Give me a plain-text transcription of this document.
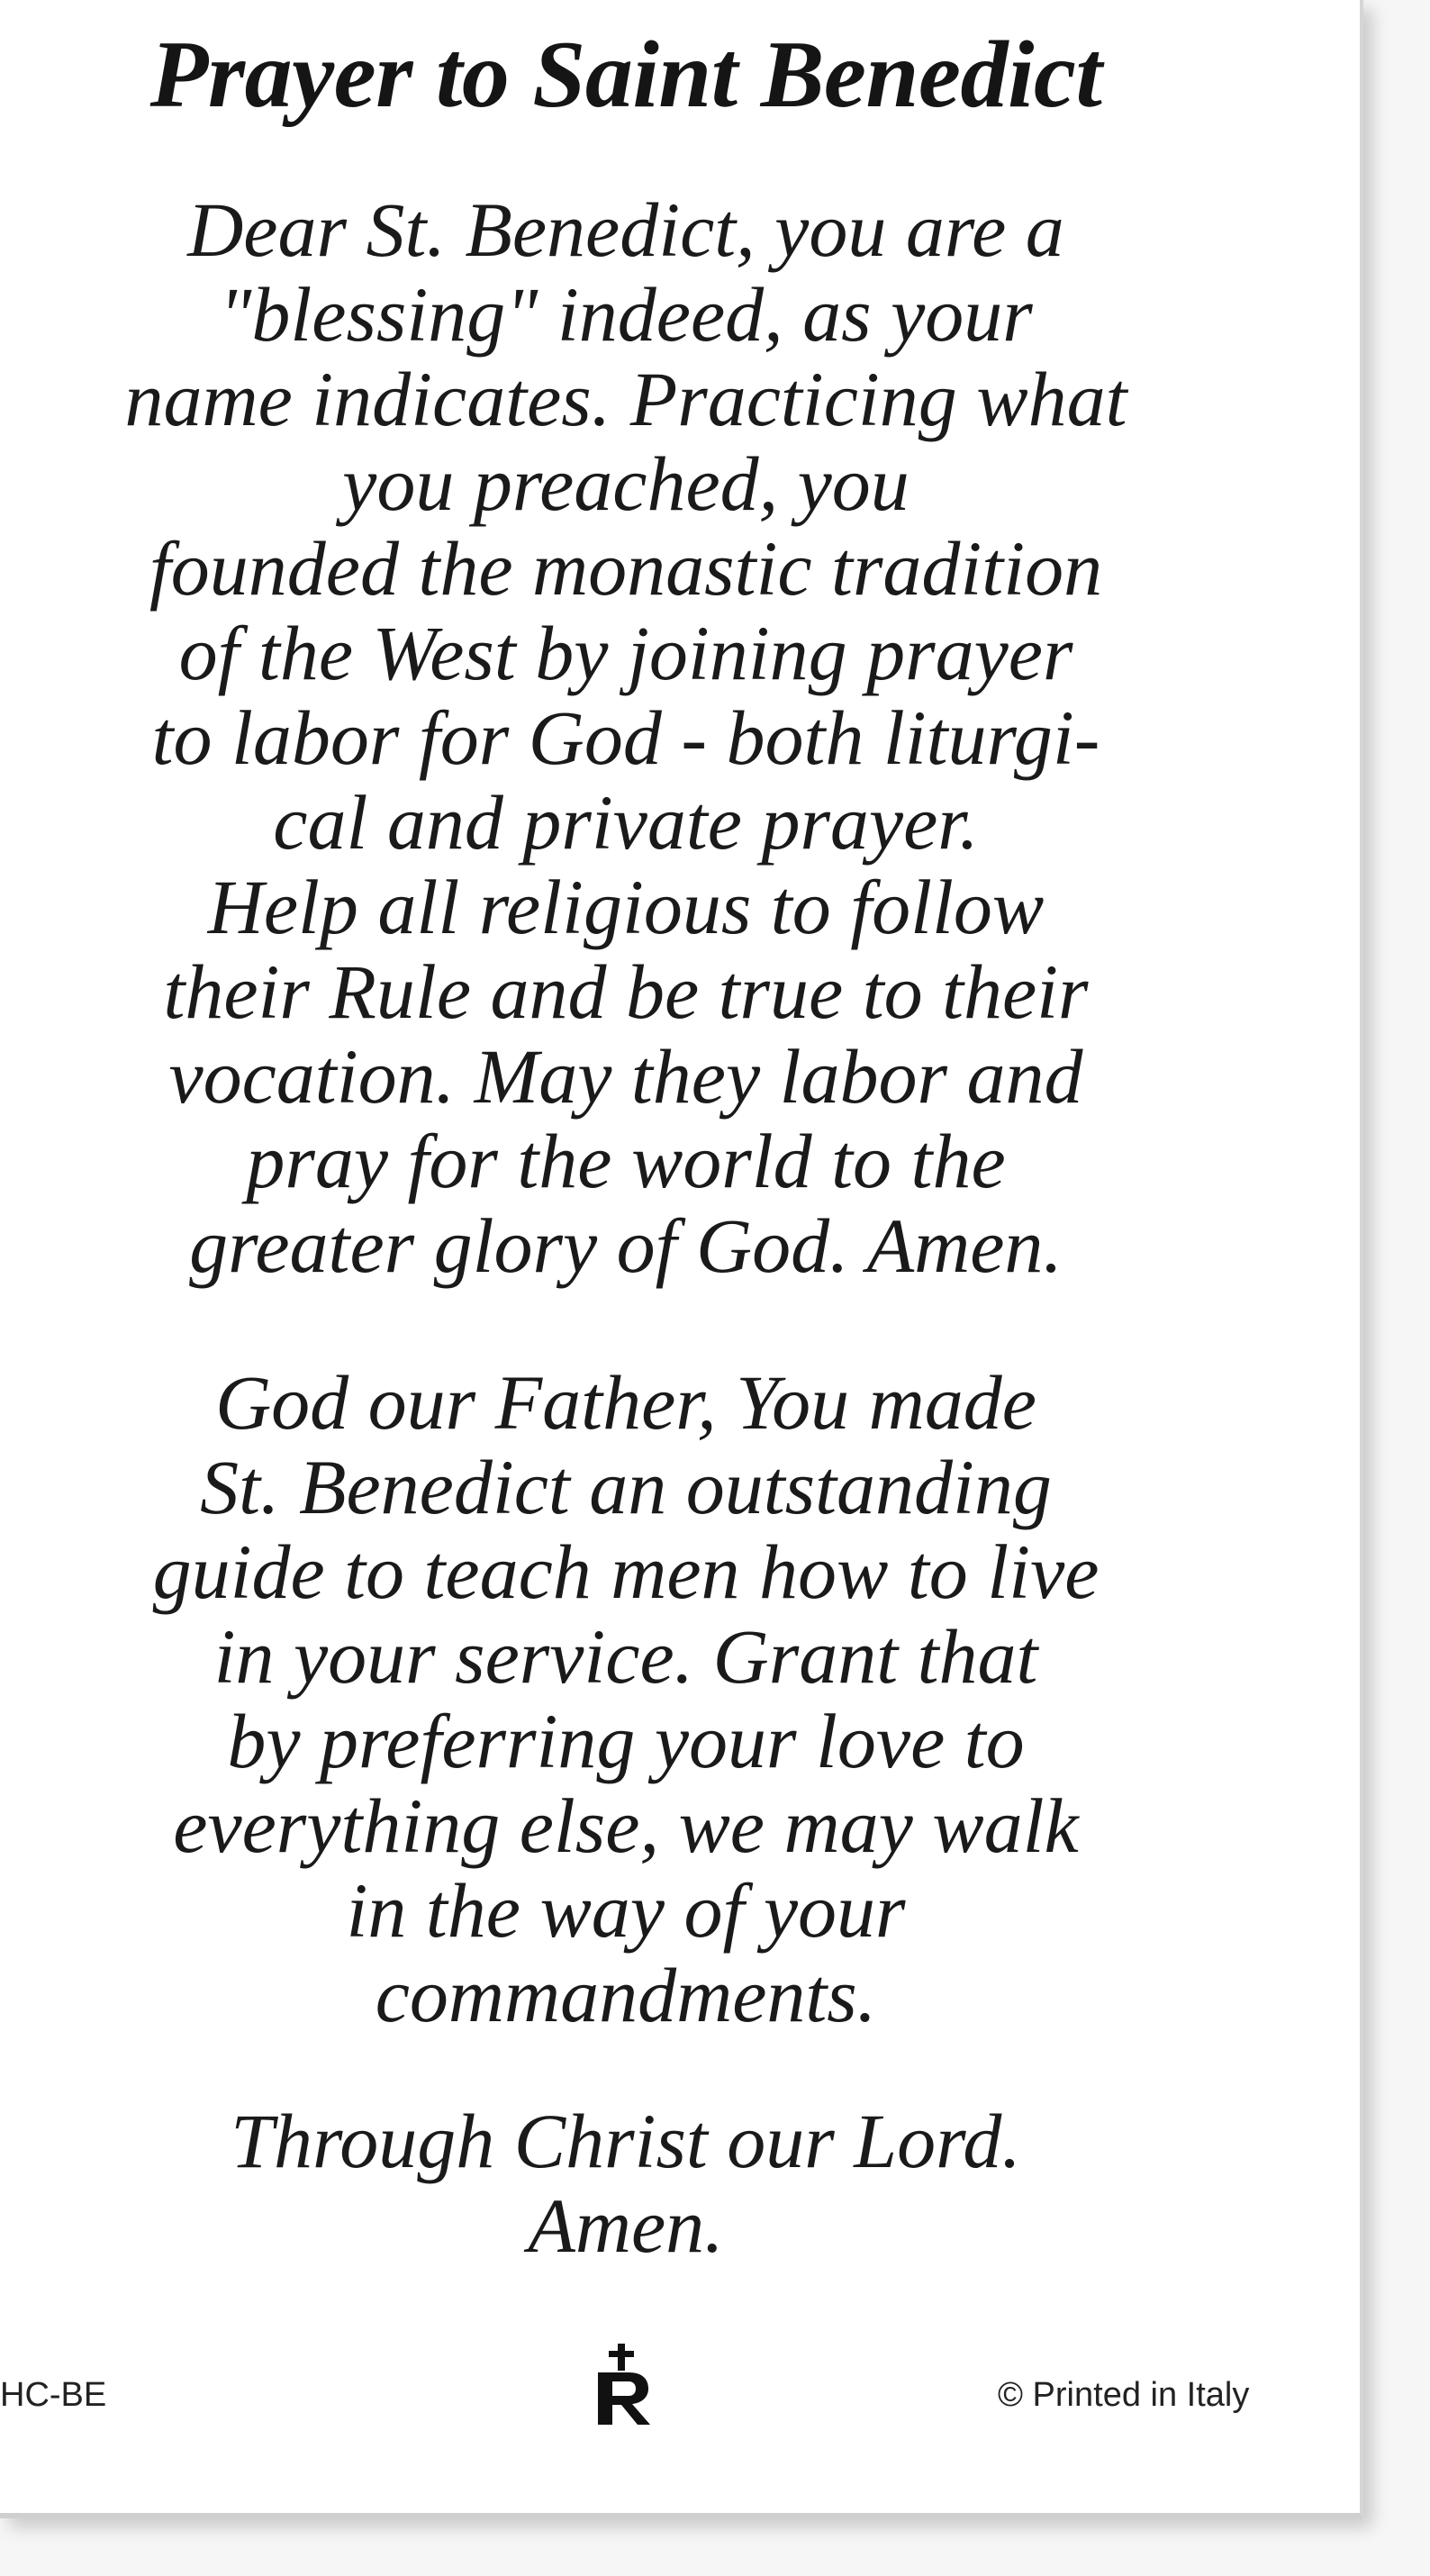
Prayer to Saint Benedict
Dear St. Benedict, you are a
"blessing" indeed, as your
name indicates. Practicing what
you preached, you
founded the monastic tradition
of the West by joining prayer
to labor for God - both liturgi-
cal and private prayer.
Help all religious to follow
their Rule and be true to their
vocation. May they labor and
pray for the world to the
greater glory of God. Amen.
God our Father, You made
St. Benedict an outstanding
guide to teach men how to live
in your service. Grant that
by preferring your love to
everything else, we may walk
in the way of your
commandments.
Through Christ our Lord.
Amen.
HC-BE	© Printed in Italy
